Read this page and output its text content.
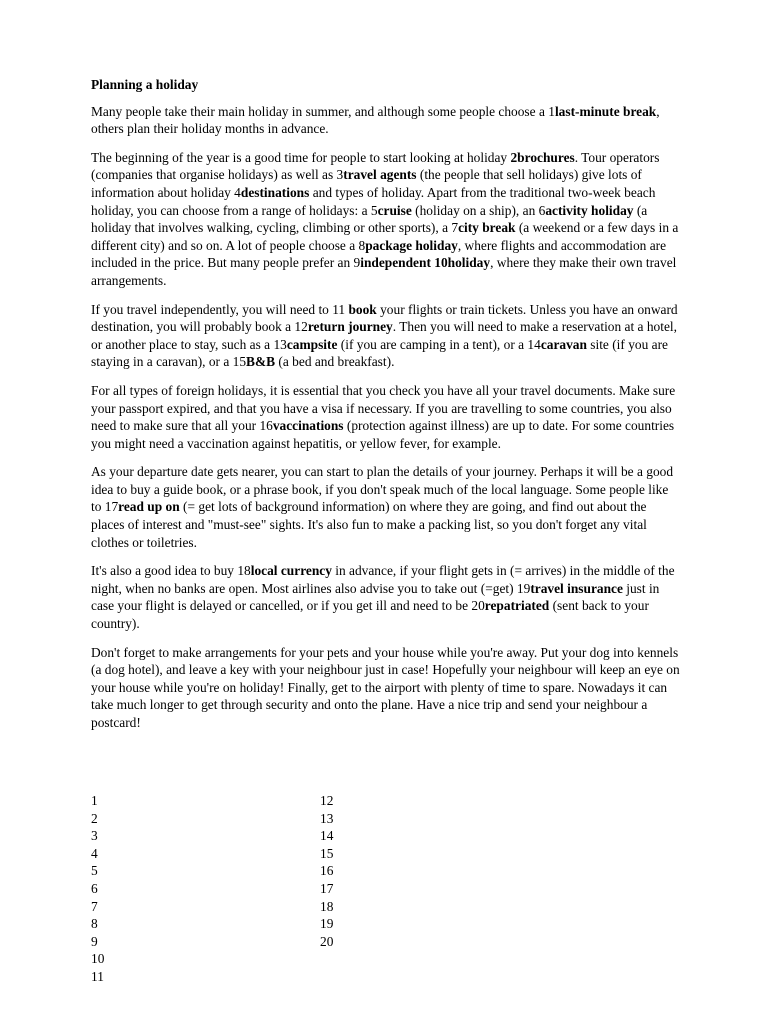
Planning a holiday

Many people take their main holiday in summer, and although some people choose a 1last-minute break, others plan their holiday months in advance.

The beginning of the year is a good time for people to start looking at holiday 2brochures. Tour operators (companies that organise holidays) as well as 3travel agents (the people that sell holidays) give lots of information about holiday 4destinations and types of holiday. Apart from the traditional two-week beach holiday, you can choose from a range of holidays: a 5cruise (holiday on a ship), an 6activity holiday (a holiday that involves walking, cycling, climbing or other sports), a 7city break (a weekend or a few days in a different city) and so on. A lot of people choose a 8package holiday, where flights and accommodation are included in the price. But many people prefer an 9independent 10holiday, where they make their own travel arrangements.

If you travel independently, you will need to 11 book your flights or train tickets. Unless you have an onward destination, you will probably book a 12return journey. Then you will need to make a reservation at a hotel, or another place to stay, such as a 13campsite (if you are camping in a tent), or a 14caravan site (if you are staying in a caravan), or a 15B&B (a bed and breakfast).

For all types of foreign holidays, it is essential that you check you have all your travel documents. Make sure your passport expired, and that you have a visa if necessary. If you are travelling to some countries, you also need to make sure that all your 16vaccinations (protection against illness) are up to date. For some countries you might need a vaccination against hepatitis, or yellow fever, for example.

As your departure date gets nearer, you can start to plan the details of your journey. Perhaps it will be a good idea to buy a guide book, or a phrase book, if you don't speak much of the local language. Some people like to 17read up on (= get lots of background information) on where they are going, and find out about the places of interest and "must-see" sights. It's also fun to make a packing list, so you don't forget any vital clothes or toiletries.

It's also a good idea to buy 18local currency in advance, if your flight gets in (= arrives) in the middle of the night, when no banks are open. Most airlines also advise you to take out (=get) 19travel insurance just in case your flight is delayed or cancelled, or if you get ill and need to be 20repatriated (sent back to your country).

Don't forget to make arrangements for your pets and your house while you're away. Put your dog into kennels (a dog hotel), and leave a key with your neighbour just in case! Hopefully your neighbour will keep an eye on your house while you're on holiday! Finally, get to the airport with plenty of time to spare. Nowadays it can take much longer to get through security and onto the plane. Have a nice trip and send your neighbour a postcard!

1
2
3
4
5
6
7
8
9
10
11
12
13
14
15
16
17
18
19
20
